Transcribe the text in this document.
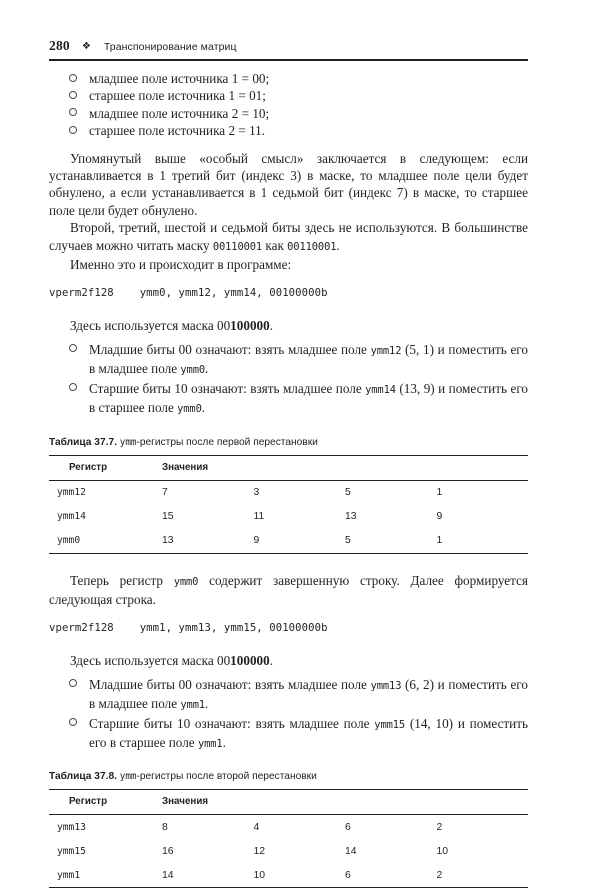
280 ❖ Транспонирование матриц
младшее поле источника 1 = 00;
старшее поле источника 1 = 01;
младшее поле источника 2 = 10;
старшее поле источника 2 = 11.

Упомянутый выше «особый смысл» заключается в следующем: если устанавливается в 1 третий бит (индекс 3) в маске, то младшее поле цели будет обнулено, а если устанавливается в 1 седьмой бит (индекс 7) в маске, то старшее поле цели будет обнулено.

Второй, третий, шестой и седьмой биты здесь не используются. В большинстве случаев можно читать маску 00110001 как 00110001.

Именно это и происходит в программе:

vperm2f128    ymm0, ymm12, ymm14, 00100000b

Здесь используется маска 00100000.

Младшие биты 00 означают: взять младшее поле ymm12 (5, 1) и поместить его в младшее поле ymm0.
Старшие биты 10 означают: взять младшее поле ymm14 (13, 9) и поместить его в старшее поле ymm0.
Таблица 37.7. ymm-регистры после первой перестановки
Регистр	Значения			
ymm12	7	3	5	1
ymm14	15	11	13	9
ymm0	13	9	5	1

Теперь регистр ymm0 содержит завершенную строку. Далее формируется следующая строка.

vperm2f128    ymm1, ymm13, ymm15, 00100000b

Здесь используется маска 00100000.

Младшие биты 00 означают: взять младшее поле ymm13 (6, 2) и поместить его в младшее поле ymm1.
Старшие биты 10 означают: взять младшее поле ymm15 (14, 10) и поместить его в старшее поле ymm1.
Таблица 37.8. ymm-регистры после второй перестановки
Регистр	Значения			
ymm13	8	4	6	2
ymm15	16	12	14	10
ymm1	14	10	6	2
